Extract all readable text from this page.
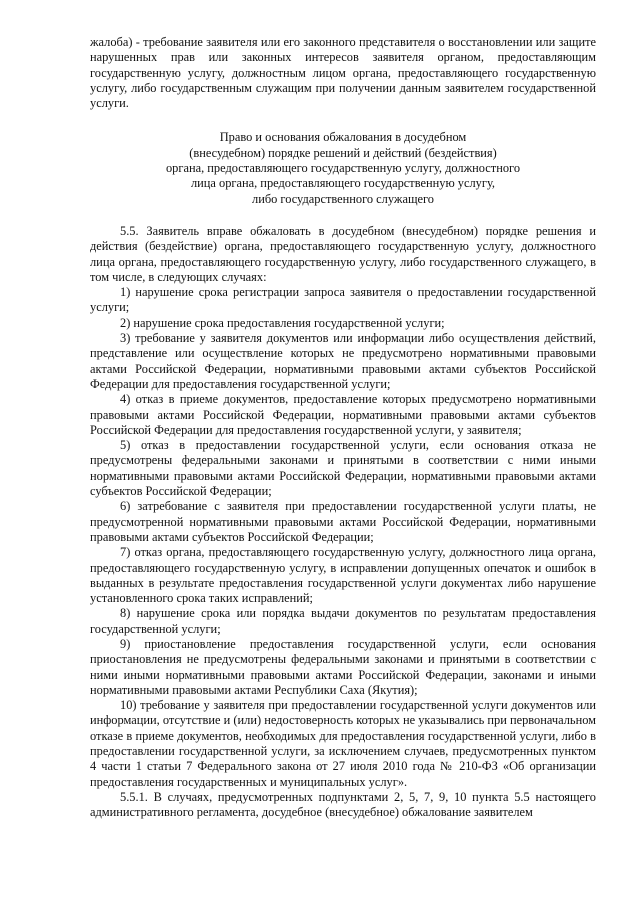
жалоба) - требование заявителя или его законного представителя о восстановлении или защите нарушенных прав или законных интересов заявителя органом, предоставляющим государственную услугу, должностным лицом органа, предоставляющего государственную услугу, либо государственным служащим при получении данным заявителем государственной услуги.

Право и основания обжалования в досудебном
(внесудебном) порядке решений и действий (бездействия)
органа, предоставляющего государственную услугу, должностного
лица органа, предоставляющего государственную услугу,
либо государственного служащего

5.5. Заявитель вправе обжаловать в досудебном (внесудебном) порядке решения и действия (бездействие) органа, предоставляющего государственную услугу, должностного лица органа, предоставляющего государственную услугу, либо государственного служащего, в том числе, в следующих случаях:

1) нарушение срока регистрации запроса заявителя о предоставлении государственной услуги;

2) нарушение срока предоставления государственной услуги;

3) требование у заявителя документов или информации либо осуществления действий, представление или осуществление которых не предусмотрено нормативными правовыми актами Российской Федерации, нормативными правовыми актами субъектов Российской Федерации для предоставления государственной услуги;

4) отказ в приеме документов, предоставление которых предусмотрено нормативными правовыми актами Российской Федерации, нормативными правовыми актами субъектов Российской Федерации для предоставления государственной услуги, у заявителя;

5) отказ в предоставлении государственной услуги, если основания отказа не предусмотрены федеральными законами и принятыми в соответствии с ними иными нормативными правовыми актами Российской Федерации, нормативными правовыми актами субъектов Российской Федерации;

6) затребование с заявителя при предоставлении государственной услуги платы, не предусмотренной нормативными правовыми актами Российской Федерации, нормативными правовыми актами субъектов Российской Федерации;

7) отказ органа, предоставляющего государственную услугу, должностного лица органа, предоставляющего государственную услугу, в исправлении допущенных опечаток и ошибок в выданных в результате предоставления государственной услуги документах либо нарушение установленного срока таких исправлений;

8) нарушение срока или порядка выдачи документов по результатам предоставления государственной услуги;

9) приостановление предоставления государственной услуги, если основания приостановления не предусмотрены федеральными законами и принятыми в соответствии с ними иными нормативными правовыми актами Российской Федерации, законами и иными нормативными правовыми актами Республики Саха (Якутия);

10) требование у заявителя при предоставлении государственной услуги документов или информации, отсутствие и (или) недостоверность которых не указывались при первоначальном отказе в приеме документов, необходимых для предоставления государственной услуги, либо в предоставлении государственной услуги, за исключением случаев, предусмотренных пунктом 4 части 1 статьи 7 Федерального закона от 27 июля 2010 года № 210-ФЗ «Об организации предоставления государственных и муниципальных услуг».

5.5.1. В случаях, предусмотренных подпунктами 2, 5, 7, 9, 10 пункта 5.5 настоящего административного регламента, досудебное (внесудебное) обжалование заявителем
